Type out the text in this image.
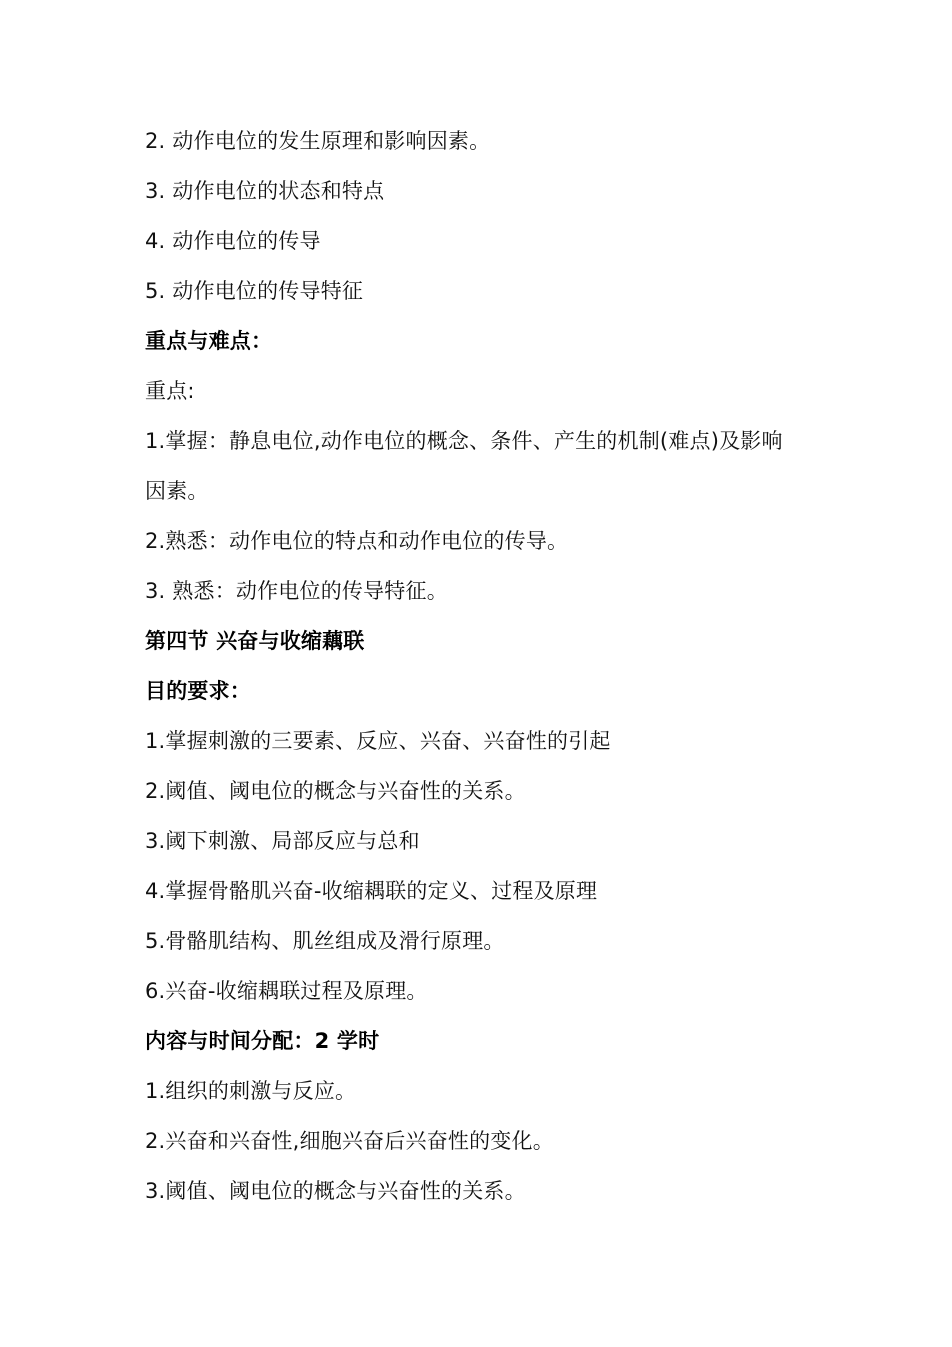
2. 动作电位的发生原理和影响因素。
3. 动作电位的状态和特点
4. 动作电位的传导
5. 动作电位的传导特征
重点与难点：
重点:
1.掌握：静息电位,动作电位的概念、条件、产生的机制(难点)及影响
因素。
2.熟悉：动作电位的特点和动作电位的传导。
3. 熟悉：动作电位的传导特征。
第四节 兴奋与收缩藕联
目的要求：
1.掌握刺激的三要素、反应、兴奋、兴奋性的引起
2.阈值、阈电位的概念与兴奋性的关系。
3.阈下刺激、局部反应与总和
4.掌握骨骼肌兴奋-收缩耦联的定义、过程及原理
5.骨骼肌结构、肌丝组成及滑行原理。
6.兴奋-收缩耦联过程及原理。
内容与时间分配：2 学时
1.组织的刺激与反应。
2.兴奋和兴奋性,细胞兴奋后兴奋性的变化。
3.阈值、阈电位的概念与兴奋性的关系。
